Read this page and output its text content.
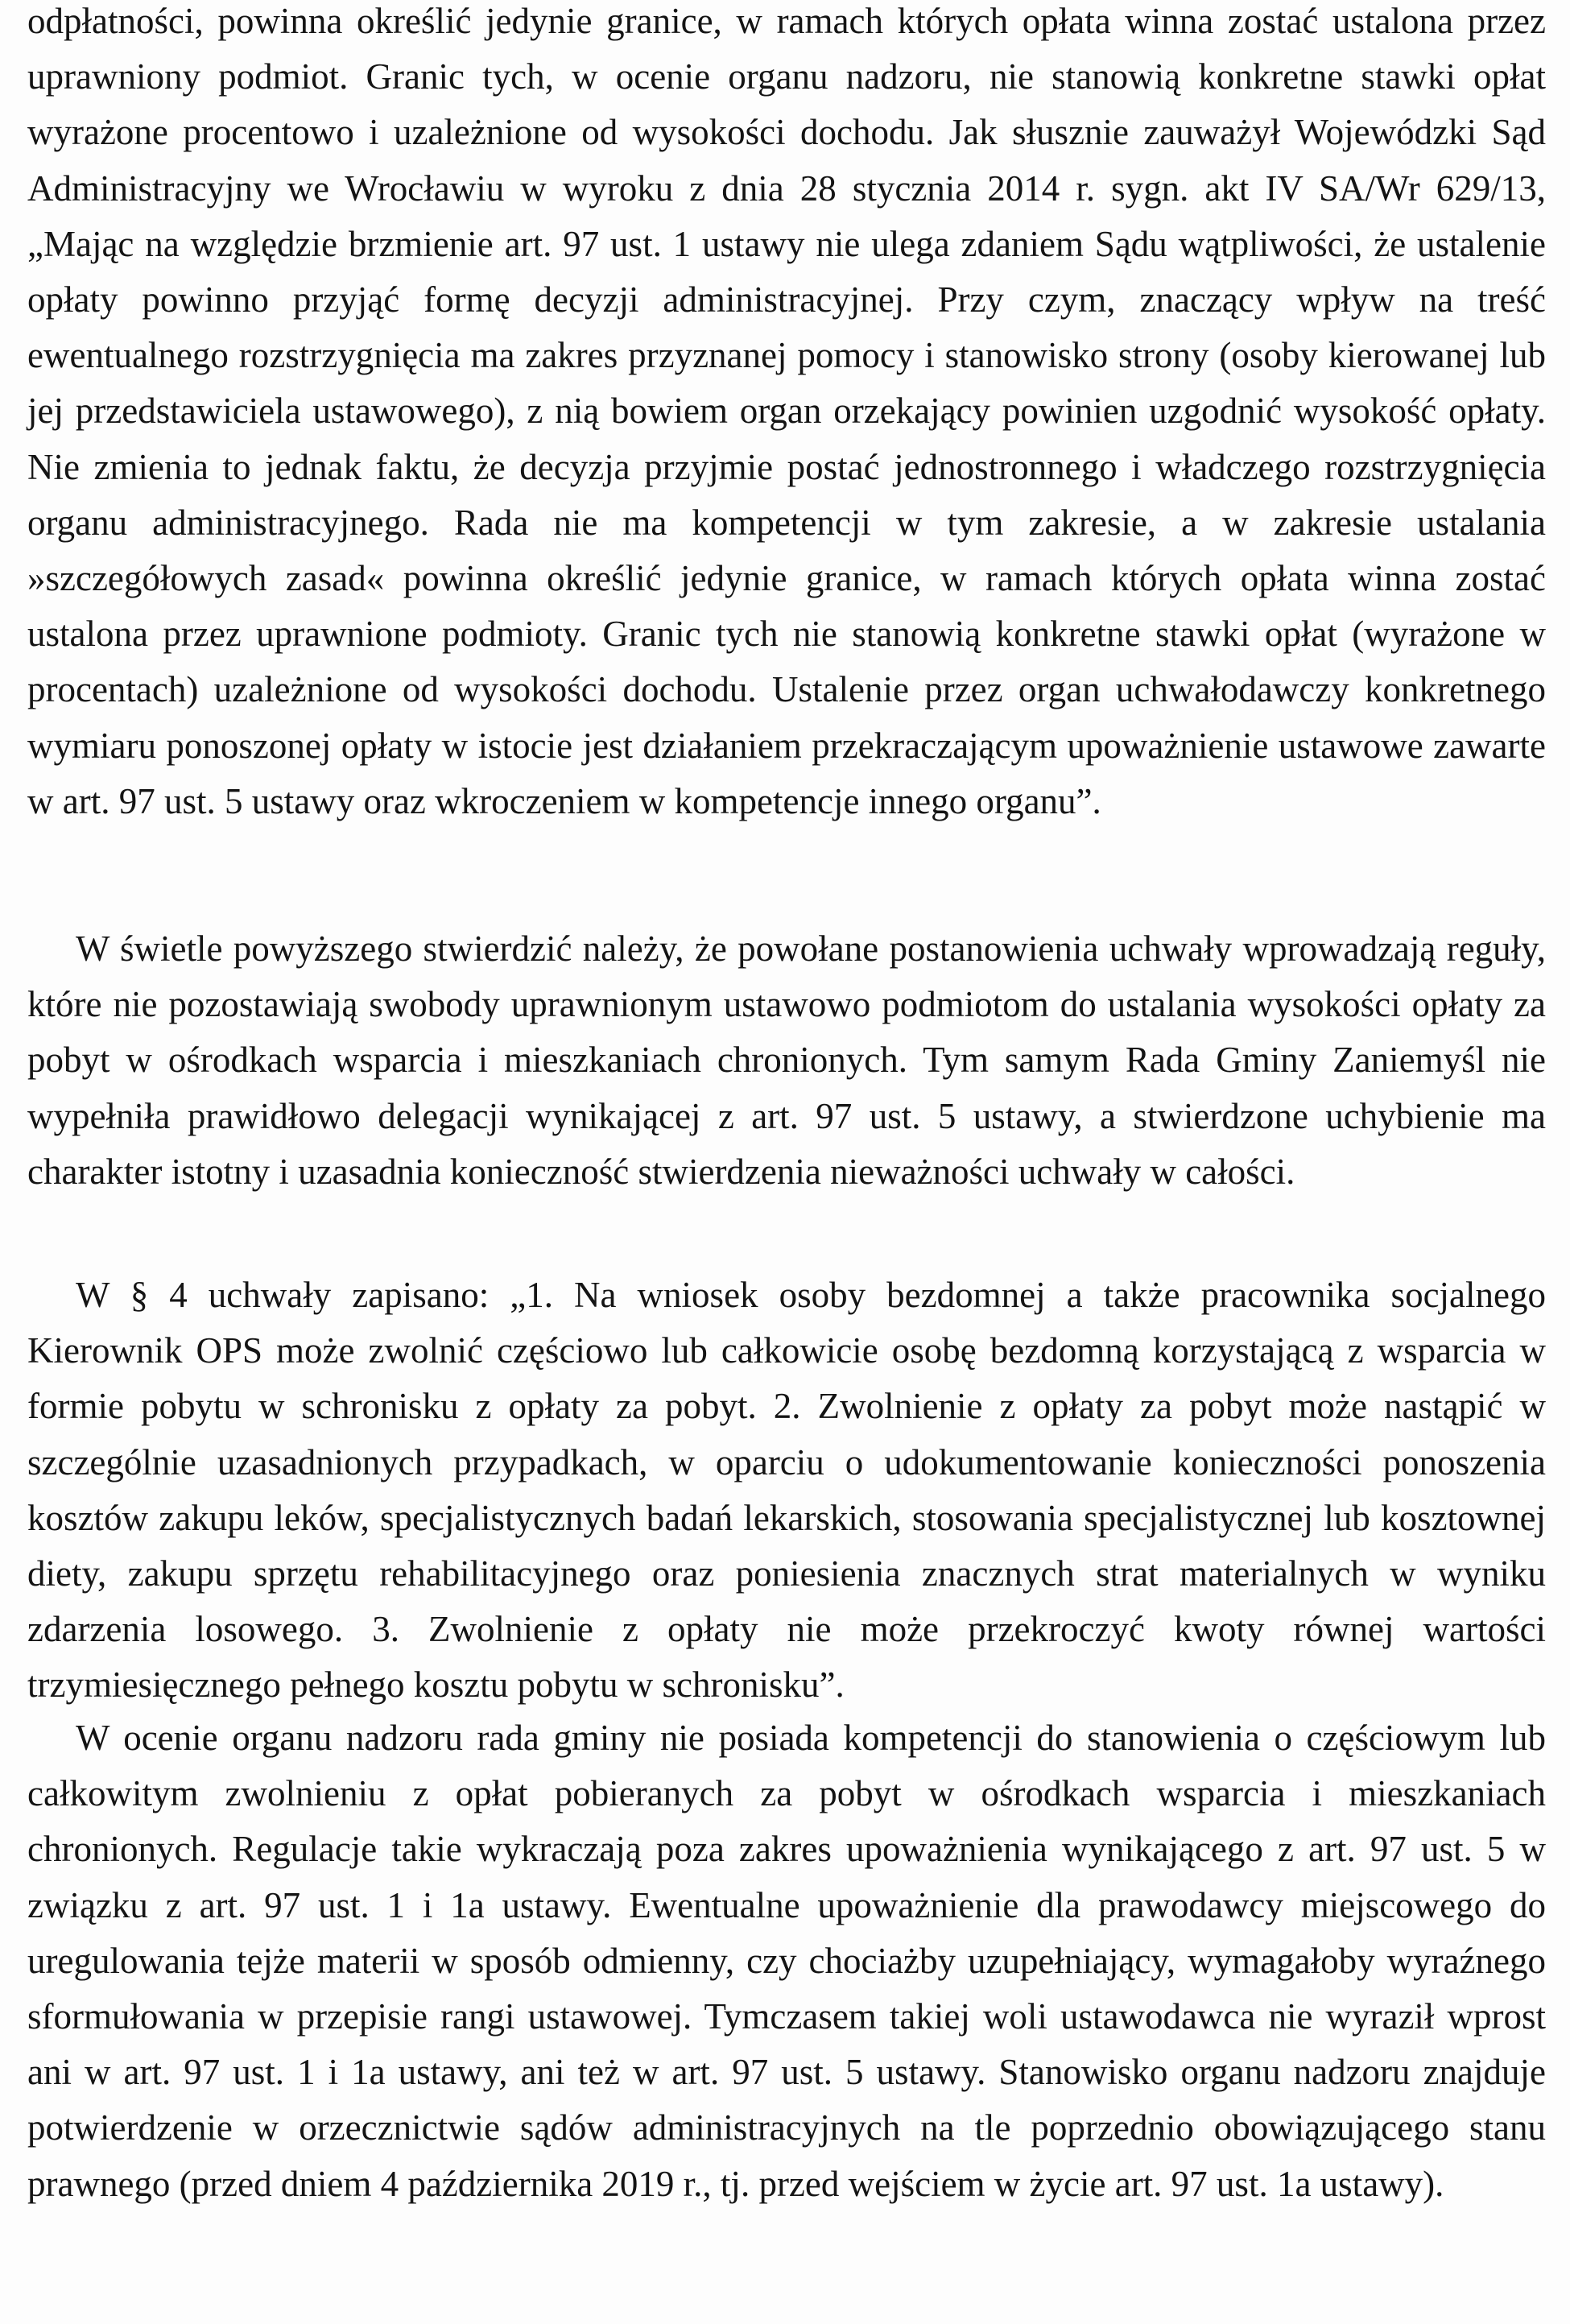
odpłatności, powinna określić jedynie granice, w ramach których opłata winna zostać ustalona przez uprawniony podmiot. Granic tych, w ocenie organu nadzoru, nie stanowią konkretne stawki opłat wyrażone procentowo i uzależnione od wysokości dochodu. Jak słusznie zauważył Wojewódzki Sąd Administracyjny we Wrocławiu w wyroku z dnia 28 stycznia 2014 r. sygn. akt IV SA/Wr 629/13, „Mając na względzie brzmienie art. 97 ust. 1 ustawy nie ulega zdaniem Sądu wątpliwości, że ustalenie opłaty powinno przyjąć formę decyzji administracyjnej. Przy czym, znaczący wpływ na treść ewentualnego rozstrzygnięcia ma zakres przyznanej pomocy i stanowisko strony (osoby kierowanej lub jej przedstawiciela ustawowego), z nią bowiem organ orzekający powinien uzgodnić wysokość opłaty. Nie zmienia to jednak faktu, że decyzja przyjmie postać jednostronnego i władczego rozstrzygnięcia organu administracyjnego. Rada nie ma kompetencji w tym zakresie, a w zakresie ustalania »szczegółowych zasad« powinna określić jedynie granice, w ramach których opłata winna zostać ustalona przez uprawnione podmioty. Granic tych nie stanowią konkretne stawki opłat (wyrażone w procentach) uzależnione od wysokości dochodu. Ustalenie przez organ uchwałodawczy konkretnego wymiaru ponoszonej opłaty w istocie jest działaniem przekraczającym upoważnienie ustawowe zawarte w art. 97 ust. 5 ustawy oraz wkroczeniem w kompetencje innego organu”.

W świetle powyższego stwierdzić należy, że powołane postanowienia uchwały wprowadzają reguły, które nie pozostawiają swobody uprawnionym ustawowo podmiotom do ustalania wysokości opłaty za pobyt w ośrodkach wsparcia i mieszkaniach chronionych. Tym samym Rada Gminy Zaniemyśl nie wypełniła prawidłowo delegacji wynikającej z art. 97 ust. 5 ustawy, a stwierdzone uchybienie ma charakter istotny i uzasadnia konieczność stwierdzenia nieważności uchwały w całości.

W § 4 uchwały zapisano: „1. Na wniosek osoby bezdomnej a także pracownika socjalnego Kierownik OPS może zwolnić częściowo lub całkowicie osobę bezdomną korzystającą z wsparcia w formie pobytu w schronisku z opłaty za pobyt. 2. Zwolnienie z opłaty za pobyt może nastąpić w szczególnie uzasadnionych przypadkach, w oparciu o udokumentowanie konieczności ponoszenia kosztów zakupu leków, specjalistycznych badań lekarskich, stosowania specjalistycznej lub kosztownej diety, zakupu sprzętu rehabilitacyjnego oraz poniesienia znacznych strat materialnych w wyniku zdarzenia losowego. 3. Zwolnienie z opłaty nie może przekroczyć kwoty równej wartości trzymiesięcznego pełnego kosztu pobytu w schronisku”.

W ocenie organu nadzoru rada gminy nie posiada kompetencji do stanowienia o częściowym lub całkowitym zwolnieniu z opłat pobieranych za pobyt w ośrodkach wsparcia i mieszkaniach chronionych. Regulacje takie wykraczają poza zakres upoważnienia wynikającego z art. 97 ust. 5 w związku z art. 97 ust. 1 i 1a ustawy. Ewentualne upoważnienie dla prawodawcy miejscowego do uregulowania tejże materii w sposób odmienny, czy chociażby uzupełniający, wymagałoby wyraźnego sformułowania w przepisie rangi ustawowej. Tymczasem takiej woli ustawodawca nie wyraził wprost ani w art. 97 ust. 1 i 1a ustawy, ani też w art. 97 ust. 5 ustawy. Stanowisko organu nadzoru znajduje potwierdzenie w orzecznictwie sądów administracyjnych na tle poprzednio obowiązującego stanu prawnego (przed dniem 4 października 2019 r., tj. przed wejściem w życie art. 97 ust. 1a ustawy).
